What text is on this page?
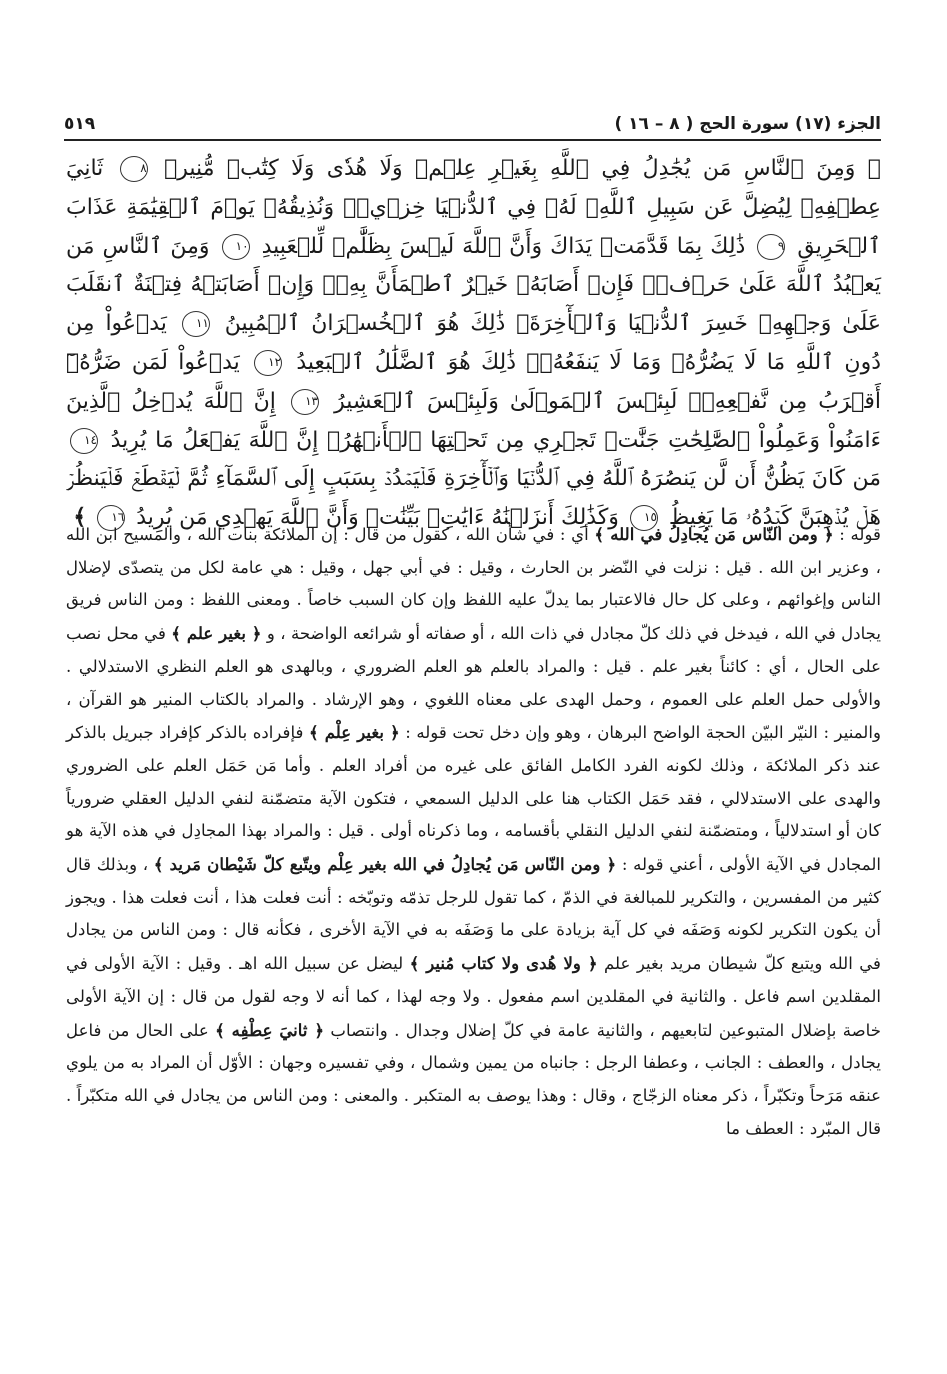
الجزء (١٧) سورة الحج ( ٨ – ١٦ )
٥١٩
﴿ وَمِنَ ٱلنَّاسِ مَن يُجَٰدِلُ فِي ٱللَّهِ بِغَيۡرِ عِلۡمٖ وَلَا هُدٗى وَلَا كِتَٰبٖ مُّنِيرٖ ٨ ثَانِيَ عِطۡفِهِۦ لِيُضِلَّ عَن سَبِيلِ ٱللَّهِۖ لَهُۥ فِي ٱلدُّنۡيَا خِزۡيٞۖ وَنُذِيقُهُۥ يَوۡمَ ٱلۡقِيَٰمَةِ عَذَابَ ٱلۡحَرِيقِ ٩ ذَٰلِكَ بِمَا قَدَّمَتۡ يَدَاكَ وَأَنَّ ٱللَّهَ لَيۡسَ بِظَلَّٰمٖ لِّلۡعَبِيدِ ١٠ وَمِنَ ٱلنَّاسِ مَن يَعۡبُدُ ٱللَّهَ عَلَىٰ حَرۡفٖۖ فَإِنۡ أَصَابَهُۥ خَيۡرٌ ٱطۡمَأَنَّ بِهِۦۖ وَإِنۡ أَصَابَتۡهُ فِتۡنَةٌ ٱنقَلَبَ عَلَىٰ وَجۡهِهِۦ خَسِرَ ٱلدُّنۡيَا وَٱلۡأٓخِرَةَۚ ذَٰلِكَ هُوَ ٱلۡخُسۡرَانُ ٱلۡمُبِينُ ١١ يَدۡعُواْ مِن دُونِ ٱللَّهِ مَا لَا يَضُرُّهُۥ وَمَا لَا يَنفَعُهُۥۚ ذَٰلِكَ هُوَ ٱلضَّلَٰلُ ٱلۡبَعِيدُ ١٢ يَدۡعُواْ لَمَن ضَرُّهُۥٓ أَقۡرَبُ مِن نَّفۡعِهِۦۚ لَبِئۡسَ ٱلۡمَوۡلَىٰ وَلَبِئۡسَ ٱلۡعَشِيرُ ١٣ إِنَّ ٱللَّهَ يُدۡخِلُ ٱلَّذِينَ ءَامَنُواْ وَعَمِلُواْ ٱلصَّٰلِحَٰتِ جَنَّٰتٖ تَجۡرِي مِن تَحۡتِهَا ٱلۡأَنۡهَٰرُۚ إِنَّ ٱللَّهَ يَفۡعَلُ مَا يُرِيدُ ١٤ مَن كَانَ يَظُنُّ أَن لَّن يَنصُرَهُ ٱللَّهُ فِي ٱلدُّنۡيَا وَٱلۡأٓخِرَةِ فَلۡيَمۡدُدۡ بِسَبَبٍ إِلَى ٱلسَّمَآءِ ثُمَّ لۡيَقۡطَعۡ فَلۡيَنظُرۡ هَلۡ يُذۡهِبَنَّ كَيۡدُهُۥ مَا يَغِيظُ ١٥ وَكَذَٰلِكَ أَنزَلۡنَٰهُ ءَايَٰتِۭ بَيِّنَٰتٖ وَأَنَّ ٱللَّهَ يَهۡدِي مَن يُرِيدُ ١٦ ﴾

قوله : ﴿ ومن النّاس مَن يُجادِلُ في الله ﴾ أي : في شأن الله ، كقول من قال : إن الملائكة بنات الله ، والمسيح ابن الله ، وعزير ابن الله . قيل : نزلت في النّضر بن الحارث ، وقيل : في أبي جهل ، وقيل : هي عامة لكل من يتصدّى لإضلال الناس وإغوائهم ، وعلى كل حال فالاعتبار بما يدلّ عليه اللفظ وإن كان السبب خاصاً . ومعنى اللفظ : ومن الناس فريق يجادل في الله ، فيدخل في ذلك كلّ مجادل في ذات الله ، أو صفاته أو شرائعه الواضحة ، و ﴿ بغير علم ﴾ في محل نصب على الحال ، أي : كائناً بغير علم . قيل : والمراد بالعلم هو العلم الضروري ، وبالهدى هو العلم النظري الاستدلالي . والأولى حمل العلم على العموم ، وحمل الهدى على معناه اللغوي ، وهو الإرشاد . والمراد بالكتاب المنير هو القرآن ، والمنير : النيّر البيّن الحجة الواضح البرهان ، وهو وإن دخل تحت قوله : ﴿ بغير عِلْم ﴾ فإفراده بالذكر كإفراد جبريل بالذكر عند ذكر الملائكة ، وذلك لكونه الفرد الكامل الفائق على غيره من أفراد العلم . وأما مَن حَمَل العلم على الضروري والهدى على الاستدلالي ، فقد حَمَل الكتاب هنا على الدليل السمعي ، فتكون الآية متضمّنة لنفي الدليل العقلي ضرورياً كان أو استدلالياً ، ومتضمّنة لنفي الدليل النقلي بأقسامه ، وما ذكرناه أولى . قيل : والمراد بهذا المجادِل في هذه الآية هو المجادل في الآية الأولى ، أعني قوله : ﴿ ومن النّاس مَن يُجادِلُ في الله بغير عِلْم ويتّبع كلّ شَيْطان مَريد ﴾ ، وبذلك قال كثير من المفسرين ، والتكرير للمبالغة في الذمّ ، كما تقول للرجل تذمّه وتوبّخه : أنت فعلت هذا ، أنت فعلت هذا . ويجوز أن يكون التكرير لكونه وَصَفَه في كل آية بزيادة على ما وَصَفَه به في الآية الأخرى ، فكأنه قال : ومن الناس من يجادل في الله ويتبع كلّ شيطان مريد بغير علم ﴿ ولا هُدى ولا كتاب مُنير ﴾ ليضل عن سبيل الله اهـ . وقيل : الآية الأولى في المقلدين اسم فاعل . والثانية في المقلدين اسم مفعول . ولا وجه لهذا ، كما أنه لا وجه لقول من قال : إن الآية الأولى خاصة بإضلال المتبوعين لتابعيهم ، والثانية عامة في كلّ إضلال وجدال . وانتصاب ﴿ ثانيَ عِطْفِه ﴾ على الحال من فاعل يجادل ، والعطف : الجانب ، وعطفا الرجل : جانباه من يمين وشمال ، وفي تفسيره وجهان : الأوّل أن المراد به من يلوي عنقه مَرَحاً وتكبّراً ، ذكر معناه الزجّاج ، وقال : وهذا يوصف به المتكبر . والمعنى : ومن الناس من يجادل في الله متكبّراً . قال المبّرد : العطف ما
